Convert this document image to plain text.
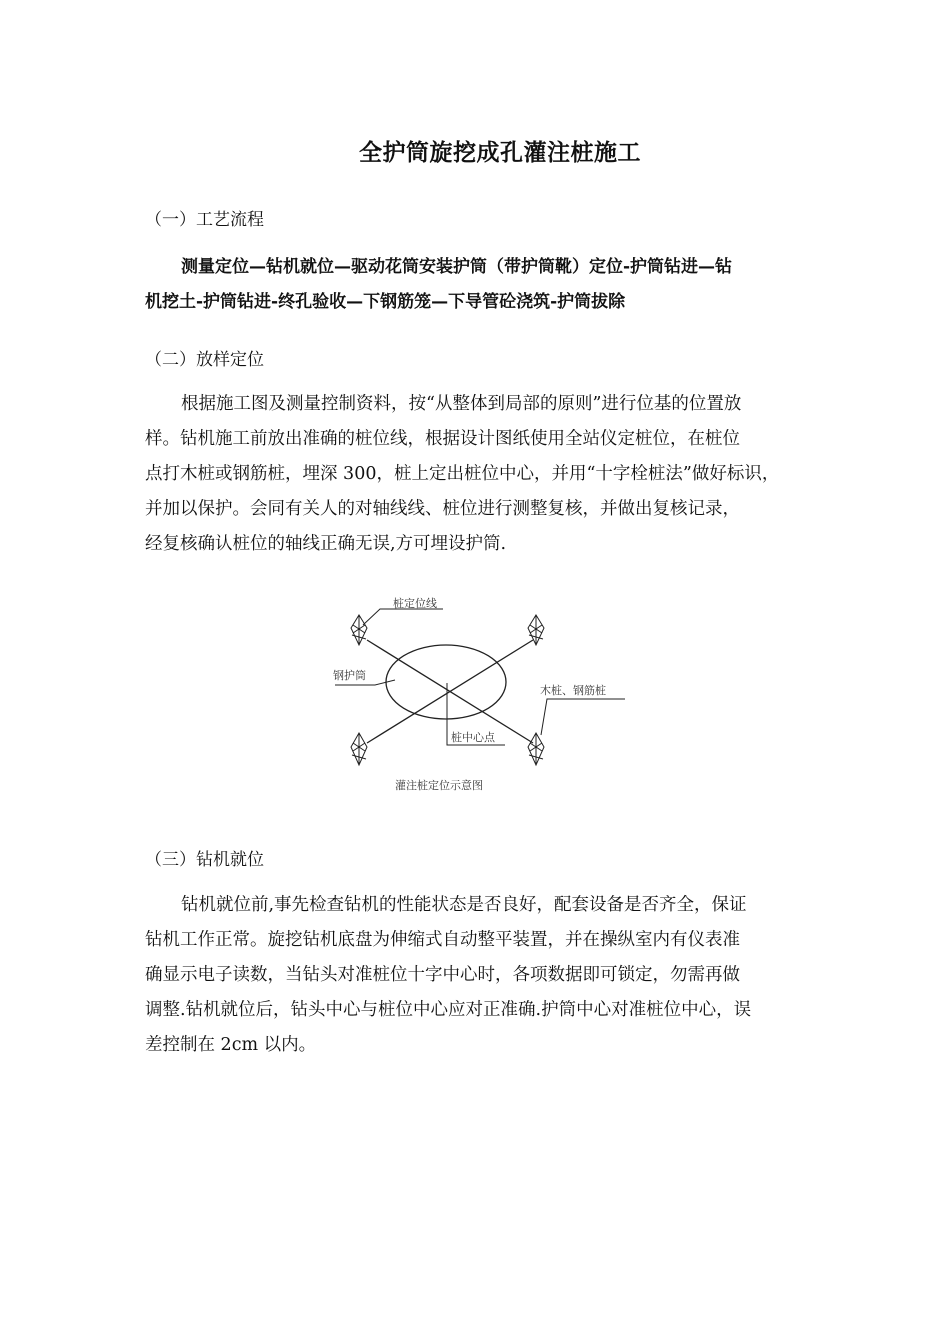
全护筒旋挖成孔灌注桩施工
（一）工艺流程

测量定位—钻机就位—驱动花筒安装护筒（带护筒靴）定位-护筒钻进—钻
机挖土-护筒钻进-终孔验收—下钢筋笼—下导管砼浇筑-护筒拔除

（二）放样定位

根据施工图及测量控制资料，按“从整体到局部的原则”进行位基的位置放
样。钻机施工前放出准确的桩位线，根据设计图纸使用全站仪定桩位，在桩位
点打木桩或钢筋桩，埋深 300，桩上定出桩位中心，并用“十字栓桩法”做好标识，
并加以保护。会同有关人的对轴线线、桩位进行测整复核，并做出复核记录，
经复核确认桩位的轴线正确无误,方可埋设护筒.

桩定位线
钢护筒
木桩、钢筋桩
桩中心点
灌注桩定位示意图
（三）钻机就位

钻机就位前,事先检查钻机的性能状态是否良好，配套设备是否齐全，保证
钻机工作正常。旋挖钻机底盘为伸缩式自动整平装置，并在操纵室内有仪表准
确显示电子读数，当钻头对准桩位十字中心时，各项数据即可锁定，勿需再做
调整.钻机就位后，钻头中心与桩位中心应对正准确.护筒中心对准桩位中心，误
差控制在 2cm 以内。
